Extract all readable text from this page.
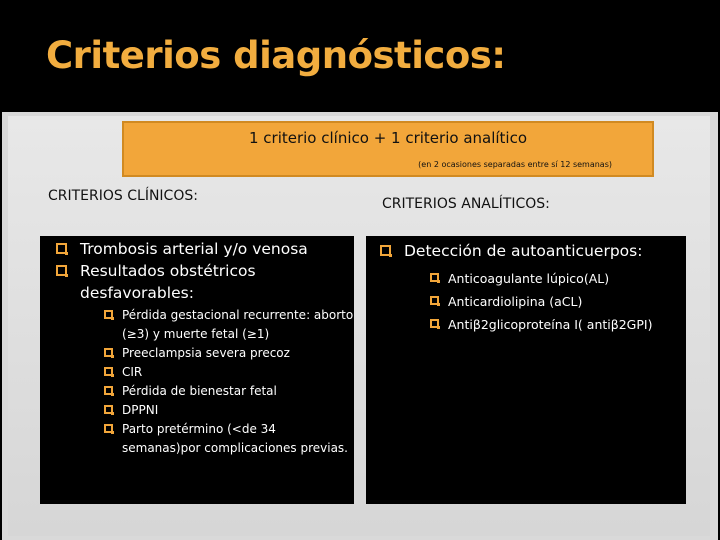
Criterios diagnósticos:
1 criterio clínico + 1 criterio analítico
(en 2 ocasiones separadas entre sí 12 semanas)
CRITERIOS CLÍNICOS:	CRITERIOS ANALÍTICOS:
Trombosis arterial y/o venosa
Resultados obstétricos desfavorables:
Pérdida gestacional recurrente: aborto (≥3) y muerte fetal (≥1)
Preeclampsia severa precoz
CIR
Pérdida de bienestar fetal
DPPNI
Parto pretérmino (<de 34 semanas)por complicaciones previas.
Detección de autoanticuerpos:
Anticoagulante lúpico(AL)
Anticardiolipina (aCL)
Antiβ2glicoproteína I( antiβ2GPI)
